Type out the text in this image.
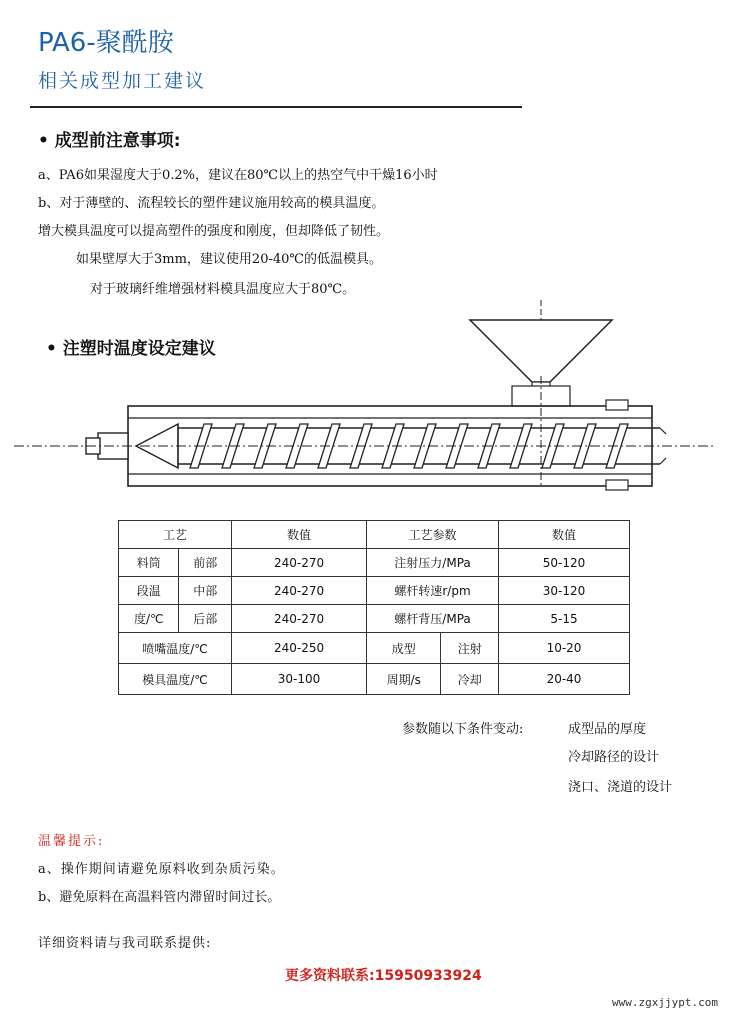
PA6-聚酰胺
相关成型加工建议
• 成型前注意事项:
a、PA6如果湿度大于0.2%，建议在80℃以上的热空气中干燥16小时
b、对于薄壁的、流程较长的塑件建议施用较高的模具温度。
增大模具温度可以提高塑件的强度和刚度，但却降低了韧性。
如果壁厚大于3mm，建议使用20-40℃的低温模具。
对于玻璃纤维增强材料模具温度应大于80℃。
• 注塑时温度设定建议
工艺		数值	工艺参数		数值
料筒	前部	240-270	注射压力/MPa		50-120
段温	中部	240-270	螺杆转速r/pm		30-120
度/℃	后部	240-270	螺杆背压/MPa		5-15
喷嘴温度/℃		240-250	成型	注射	10-20
模具温度/℃		30-100	周期/s	冷却	20-40
参数随以下条件变动:	成型品的厚度
冷却路径的设计
浇口、浇道的设计
温馨提示:
a、操作期间请避免原料收到杂质污染。
b、避免原料在高温料管内滞留时间过长。
详细资料请与我司联系提供:
更多资料联系:15950933924
www.zgxjjypt.com
